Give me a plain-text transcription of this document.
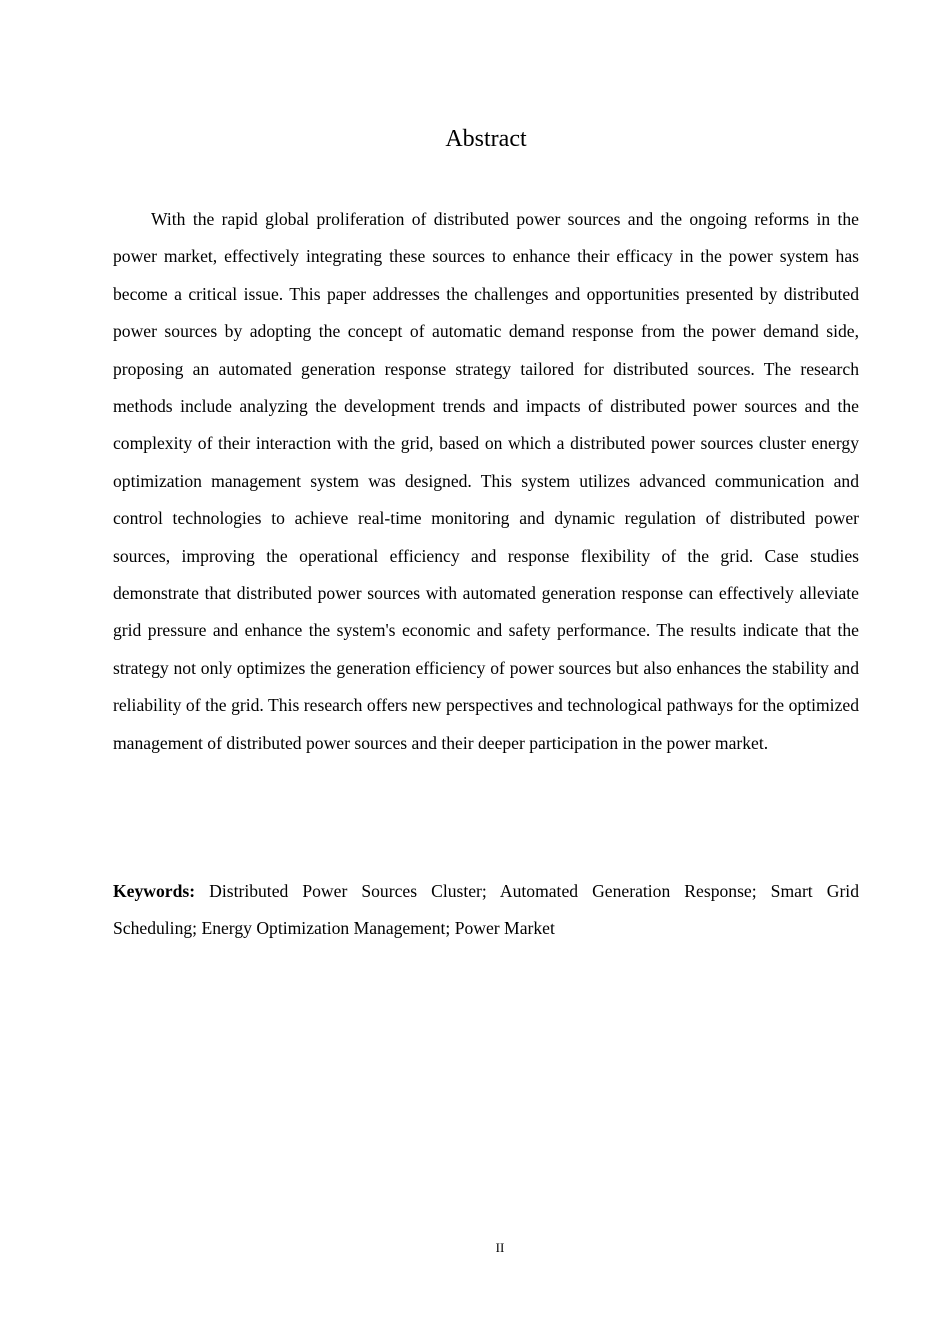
Abstract

With the rapid global proliferation of distributed power sources and the ongoing reforms in the power market, effectively integrating these sources to enhance their efficacy in the power system has become a critical issue. This paper addresses the challenges and opportunities presented by distributed power sources by adopting the concept of automatic demand response from the power demand side, proposing an automated generation response strategy tailored for distributed sources. The research methods include analyzing the development trends and impacts of distributed power sources and the complexity of their interaction with the grid, based on which a distributed power sources cluster energy optimization management system was designed. This system utilizes advanced communication and control technologies to achieve real-time monitoring and dynamic regulation of distributed power sources, improving the operational efficiency and response flexibility of the grid. Case studies demonstrate that distributed power sources with automated generation response can effectively alleviate grid pressure and enhance the system's economic and safety performance. The results indicate that the strategy not only optimizes the generation efficiency of power sources but also enhances the stability and reliability of the grid. This research offers new perspectives and technological pathways for the optimized management of distributed power sources and their deeper participation in the power market.

Keywords: Distributed Power Sources Cluster; Automated Generation Response; Smart Grid Scheduling; Energy Optimization Management; Power Market

II
